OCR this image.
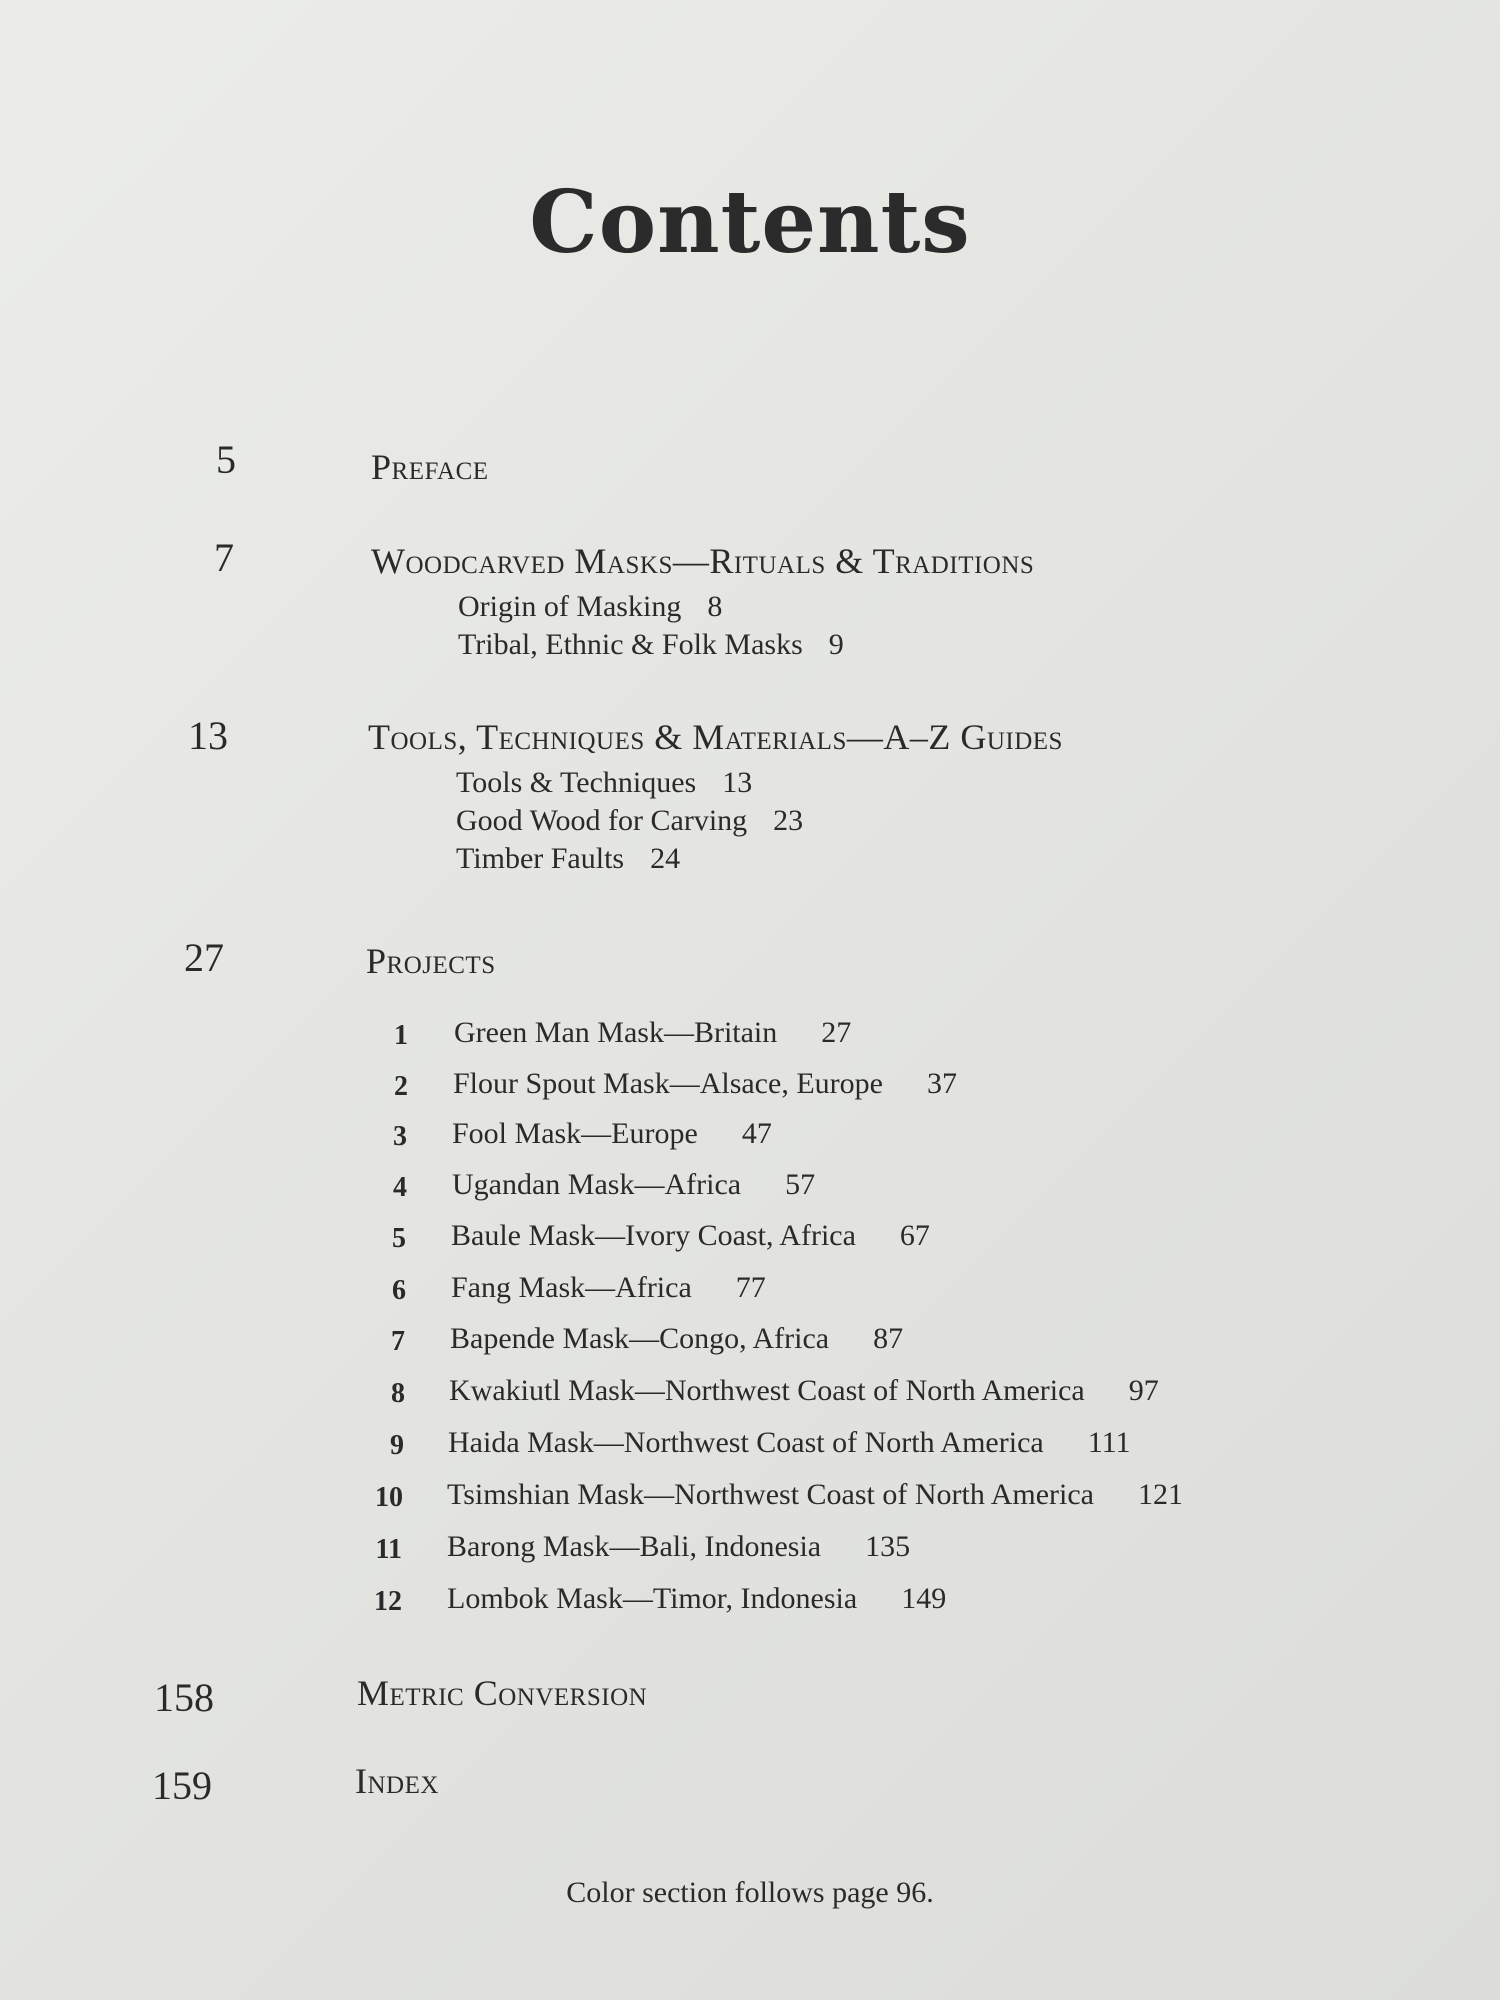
Contents
5	Preface
7	Woodcarved Masks—Rituals & Traditions
Origin of Masking 8
Tribal, Ethnic & Folk Masks 9
13	Tools, Techniques & Materials—A–Z Guides
Tools & Techniques 13
Good Wood for Carving 23
Timber Faults 24
27	Projects
1 Green Man Mask—Britain 27
2 Flour Spout Mask—Alsace, Europe 37
3 Fool Mask—Europe 47
4 Ugandan Mask—Africa 57
5 Baule Mask—Ivory Coast, Africa 67
6 Fang Mask—Africa 77
7 Bapende Mask—Congo, Africa 87
8 Kwakiutl Mask—Northwest Coast of North America 97
9 Haida Mask—Northwest Coast of North America 111
10 Tsimshian Mask—Northwest Coast of North America 121
11 Barong Mask—Bali, Indonesia 135
12 Lombok Mask—Timor, Indonesia 149
158	Metric Conversion
159	Index
Color section follows page 96.
